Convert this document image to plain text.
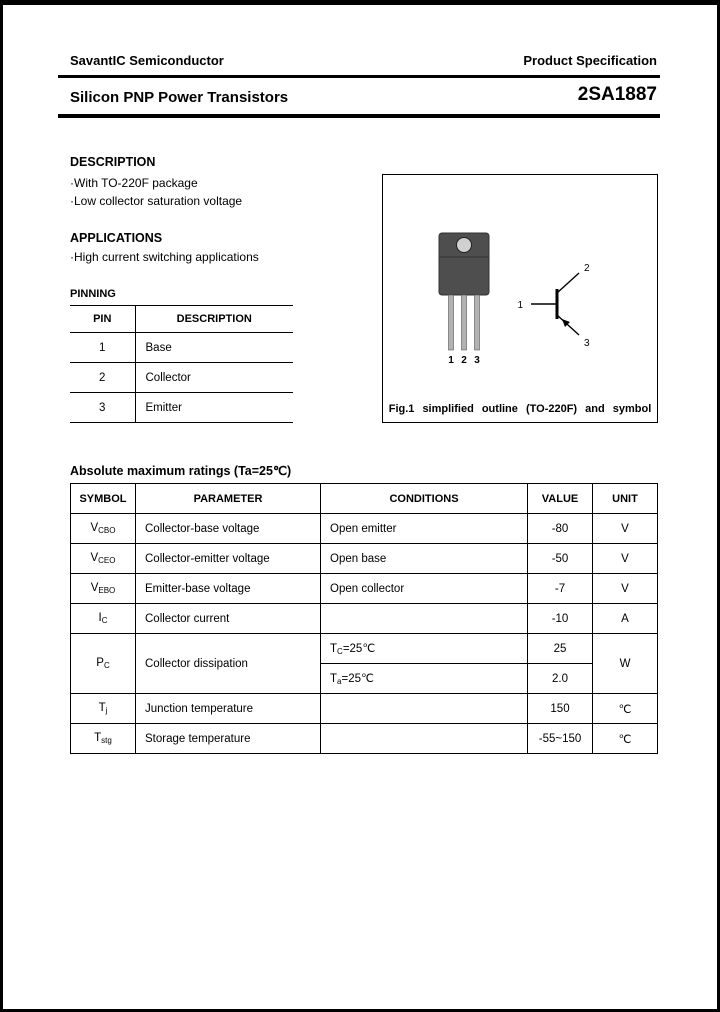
SavantIC Semiconductor	Product Specification
Silicon PNP Power Transistors	2SA1887
DESCRIPTION
·With TO-220F package
·Low collector saturation voltage
APPLICATIONS
·High current switching applications
PINNING
PIN	DESCRIPTION
1	Base
2	Collector
3	Emitter
1 2 3
1
2
3
Fig.1 simplified outline (TO-220F) and symbol
Absolute maximum ratings (Ta=25℃)
SYMBOL	PARAMETER	CONDITIONS	VALUE	UNIT
VCBO	Collector-base voltage	Open emitter	-80	V
VCEO	Collector-emitter voltage	Open base	-50	V
VEBO	Emitter-base voltage	Open collector	-7	V
IC	Collector current		-10	A
PC	Collector dissipation	TC=25℃	25	W
		Ta=25℃	2.0	
Tj	Junction temperature		150	℃
Tstg	Storage temperature		-55~150	℃
